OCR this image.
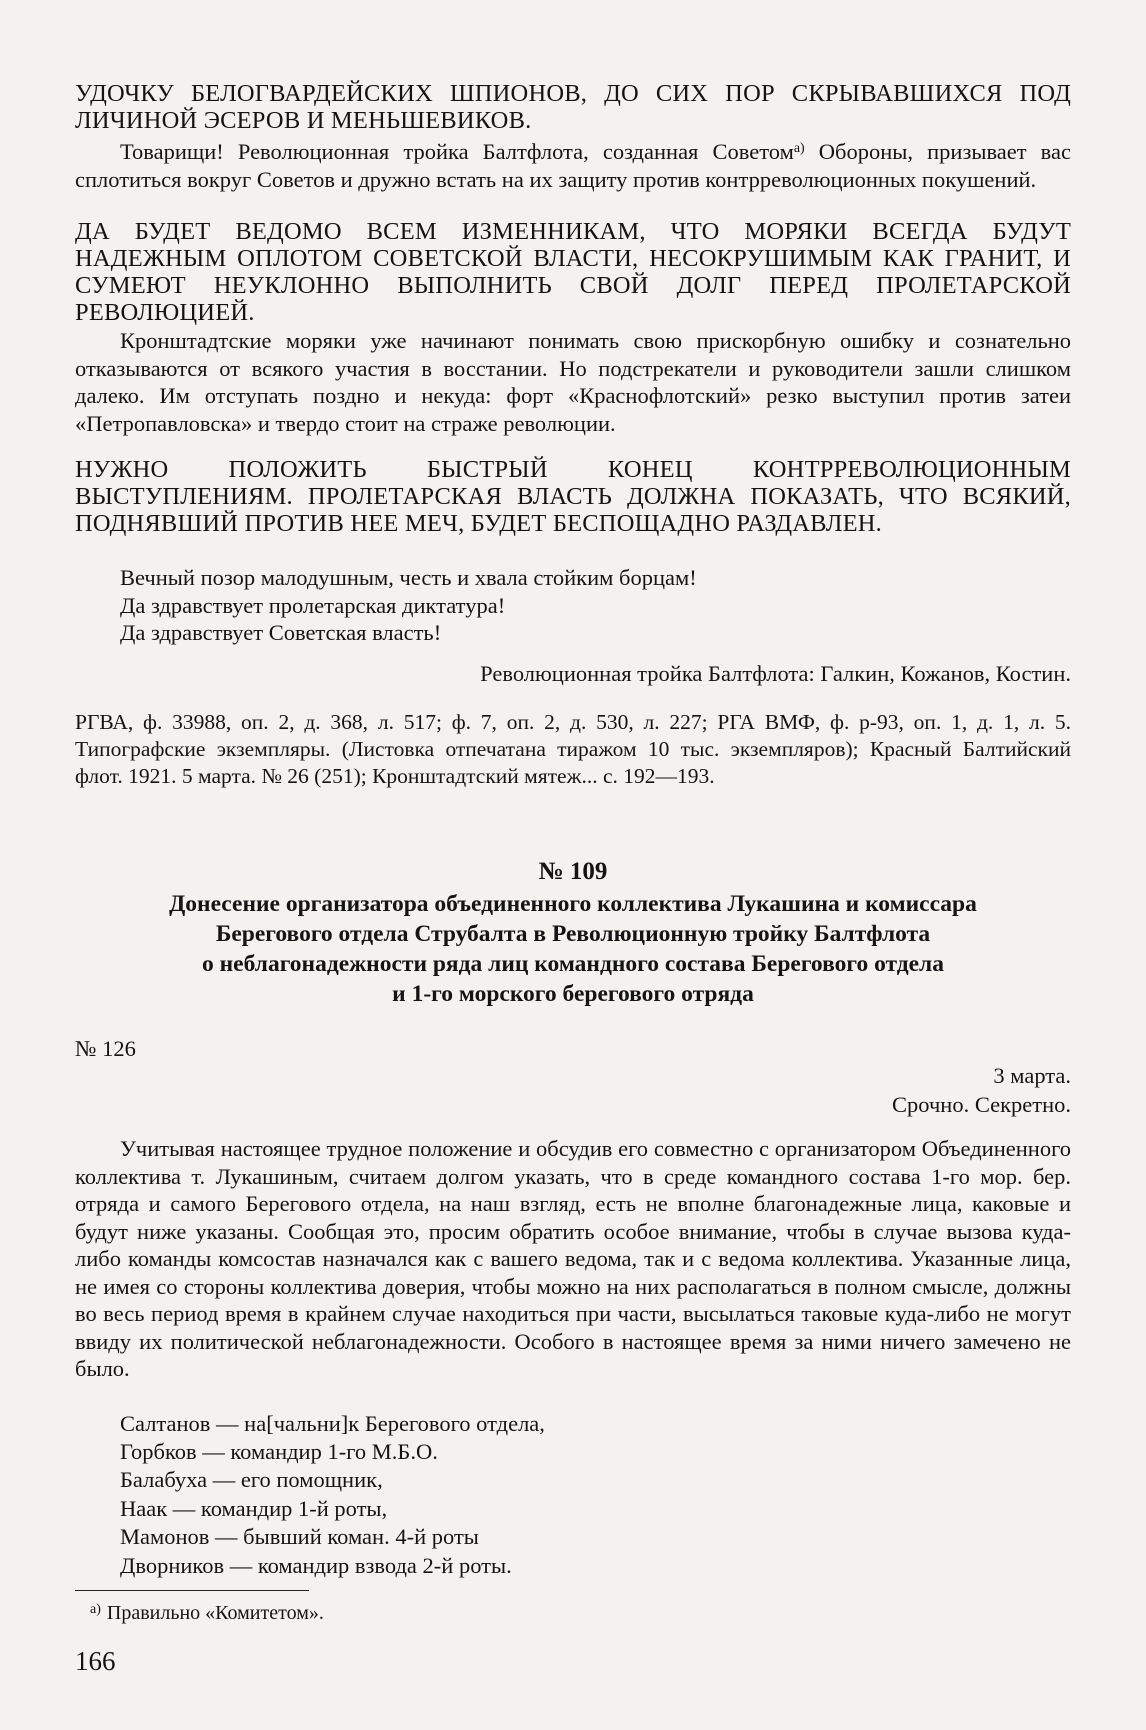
УДОЧКУ БЕЛОГВАРДЕЙСКИХ ШПИОНОВ, ДО СИХ ПОР СКРЫВАВШИХСЯ ПОД ЛИЧИНОЙ ЭСЕРОВ И МЕНЬШЕВИКОВ.

Товарищи! Революционная тройка Балтфлота, созданная Советом$^{а)}$ Обороны, призывает вас сплотиться вокруг Советов и дружно встать на их защиту против контрреволюционных покушений.

ДА БУДЕТ ВЕДОМО ВСЕМ ИЗМЕННИКАМ, ЧТО МОРЯКИ ВСЕГДА БУДУТ НАДЕЖНЫМ ОПЛОТОМ СОВЕТСКОЙ ВЛАСТИ, НЕСОКРУШИМЫМ КАК ГРАНИТ, И СУМЕЮТ НЕУКЛОННО ВЫПОЛНИТЬ СВОЙ ДОЛГ ПЕРЕД ПРОЛЕТАРСКОЙ РЕВОЛЮЦИЕЙ.

Кронштадтские моряки уже начинают понимать свою прискорбную ошибку и сознательно отказываются от всякого участия в восстании. Но подстрекатели и руководители зашли слишком далеко. Им отступать поздно и некуда: форт «Краснофлотский» резко выступил против затеи «Петропавловска» и твердо стоит на страже революции.

НУЖНО ПОЛОЖИТЬ БЫСТРЫЙ КОНЕЦ КОНТРРЕВОЛЮЦИОННЫМ ВЫСТУПЛЕНИЯМ. ПРОЛЕТАРСКАЯ ВЛАСТЬ ДОЛЖНА ПОКАЗАТЬ, ЧТО ВСЯКИЙ, ПОДНЯВШИЙ ПРОТИВ НЕЕ МЕЧ, БУДЕТ БЕСПОЩАДНО РАЗДАВЛЕН.

Вечный позор малодушным, честь и хвала стойким борцам!
Да здравствует пролетарская диктатура!
Да здравствует Советская власть!
Революционная тройка Балтфлота: Галкин, Кожанов, Костин.

РГВА, ф. 33988, оп. 2, д. 368, л. 517; ф. 7, оп. 2, д. 530, л. 227; РГА ВМФ, ф. р-93, оп. 1, д. 1, л. 5. Типографские экземпляры. (Листовка отпечатана тиражом 10 тыс. экземпляров); Красный Балтийский флот. 1921. 5 марта. № 26 (251); Кронштадтский мятеж... с. 192—193.

№ 109
Донесение организатора объединенного коллектива Лукашина и комиссара
Берегового отдела Струбалта в Революционную тройку Балтфлота
о неблагонадежности ряда лиц командного состава Берегового отдела
и 1-го морского берегового отряда
№ 126
3 марта.
Срочно. Секретно.

Учитывая настоящее трудное положение и обсудив его совместно с организатором Объединенного коллектива т. Лукашиным, считаем долгом указать, что в среде командного состава 1-го мор. бер. отряда и самого Берегового отдела, на наш взгляд, есть не вполне благонадежные лица, каковые и будут ниже указаны. Сообщая это, просим обратить особое внимание, чтобы в случае вызова куда-либо команды комсостав назначался как с вашего ведома, так и с ведома коллектива. Указанные лица, не имея со стороны коллектива доверия, чтобы можно на них располагаться в полном смысле, должны во весь период время в крайнем случае находиться при части, высылаться таковые куда-либо не могут ввиду их политической неблагонадежности. Особого в настоящее время за ними ничего замечено не было.

Салтанов — на[чальни]к Берегового отдела,
Горбков — командир 1-го М.Б.О.
Балабуха — его помощник,
Наак — командир 1-й роты,
Мамонов — бывший коман. 4-й роты
Дворников — командир взвода 2-й роты.
$^{а)}$ Правильно «Комитетом».
166
